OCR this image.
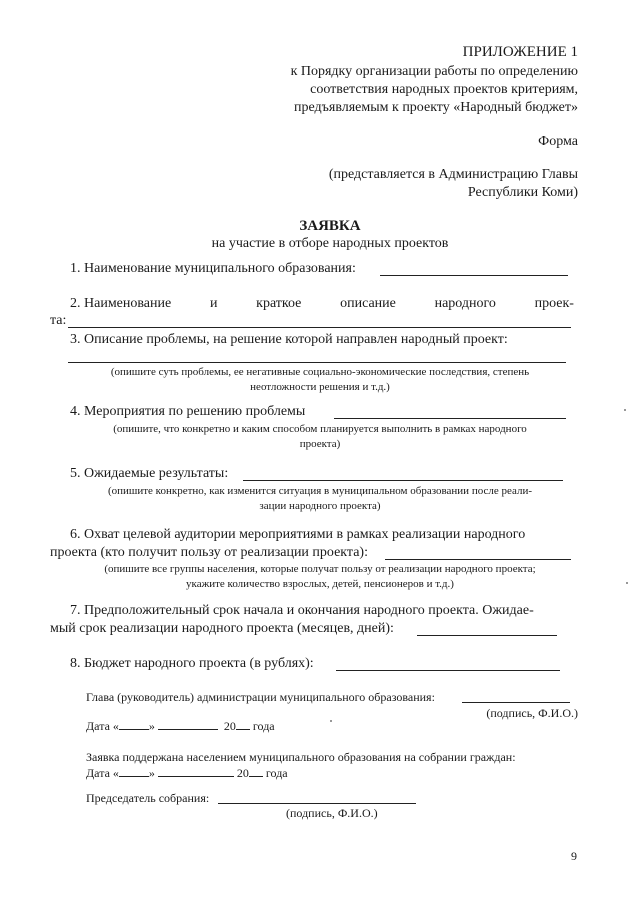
ПРИЛОЖЕНИЕ 1
к Порядку организации работы по определению
соответствия народных проектов критериям,
предъявляемым к проекту «Народный бюджет»
Форма
(представляется в Администрацию Главы
Республики Коми)
ЗАЯВКА
на участие в отборе народных проектов
1. Наименование муниципального образования:
2. Наименование	и	краткое	описание	народного	проек-
та:
3. Описание проблемы, на решение которой направлен народный проект:
(опишите суть проблемы, ее негативные социально-экономические последствия, степень
неотложности решения и т.д.)
4. Мероприятия по решению проблемы
(опишите, что конкретно и каким способом планируется выполнить в рамках народного
проекта)
5. Ожидаемые результаты:
(опишите конкретно, как изменится ситуация в муниципальном образовании после реали-
зации народного проекта)
6. Охват целевой аудитории мероприятиями в рамках реализации народного
проекта (кто получит пользу от реализации проекта):
(опишите все группы населения, которые получат пользу от реализации народного проекта;
укажите количество взрослых, детей, пенсионеров и т.д.)
7. Предположительный срок начала и окончания народного проекта. Ожидае-
мый срок реализации народного проекта (месяцев, дней):
8. Бюджет народного проекта (в рублях):
Глава (руководитель) администрации муниципального образования:
(подпись, Ф.И.О.)
Дата «	»	20 года
Заявка поддержана населением муниципального образования на собрании граждан:
Дата «	»	20 года
Председатель собрания:
(подпись, Ф.И.О.)
9
